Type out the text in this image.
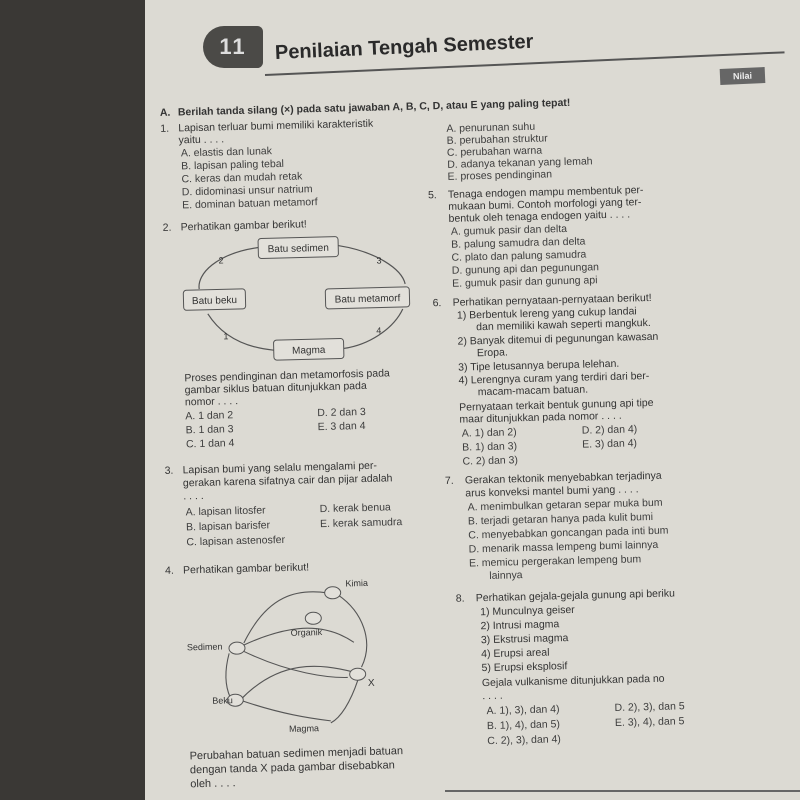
11	Penilaian Tengah Semester
Nilai
A. Berilah tanda silang (×) pada satu jawaban A, B, C, D, atau E yang paling tepat!
1. Lapisan terluar bumi memiliki karakteristik
yaitu . . . .
A. elastis dan lunak
B. lapisan paling tebal
C. keras dan mudah retak
D. didominasi unsur natrium
E. dominan batuan metamorf
2. Perhatikan gambar berikut!
Batu sedimen
Batu beku	Batu metamorf
Magma
2	3
1
4
Proses pendinginan dan metamorfosis pada
gambar siklus batuan ditunjukkan pada
nomor . . . .
A. 1 dan 2	D. 2 dan 3
B. 1 dan 3	E. 3 dan 4
C. 1 dan 4
3. Lapisan bumi yang selalu mengalami per-
gerakan karena sifatnya cair dan pijar adalah
. . . .
A. lapisan litosfer	D. kerak benua
B. lapisan barisfer	E. kerak samudra
C. lapisan astenosfer
4. Perhatikan gambar berikut!
Kimia
Organik
Sedimen
Beku
Magma
X
Perubahan batuan sedimen menjadi batuan
dengan tanda X pada gambar disebabkan
oleh . . . .
A. penurunan suhu
B. perubahan struktur
C. perubahan warna
D. adanya tekanan yang lemah
E. proses pendinginan
5. Tenaga endogen mampu membentuk per-
mukaan bumi. Contoh morfologi yang ter-
bentuk oleh tenaga endogen yaitu . . . .
A. gumuk pasir dan delta
B. palung samudra dan delta
C. plato dan palung samudra
D. gunung api dan pegunungan
E. gumuk pasir dan gunung api
6. Perhatikan pernyataan-pernyataan berikut!
1) Berbentuk lereng yang cukup landai
dan memiliki kawah seperti mangkuk.
2) Banyak ditemui di pegunungan kawasan
Eropa.
3) Tipe letusannya berupa lelehan.
4) Lerengnya curam yang terdiri dari ber-
macam-macam batuan.
Pernyataan terkait bentuk gunung api tipe
maar ditunjukkan pada nomor . . . .
A. 1) dan 2)	D. 2) dan 4)
B. 1) dan 3)	E. 3) dan 4)
C. 2) dan 3)
7. Gerakan tektonik menyebabkan terjadinya
arus konveksi mantel bumi yang . . . .
A. menimbulkan getaran separ muka bum
B. terjadi getaran hanya pada kulit bumi
C. menyebabkan goncangan pada inti bum
D. menarik massa lempeng bumi lainnya
E. memicu pergerakan lempeng bum
lainnya
8. Perhatikan gejala-gejala gunung api beriku
1) Munculnya geiser
2) Intrusi magma
3) Ekstrusi magma
4) Erupsi areal
5) Erupsi eksplosif
Gejala vulkanisme ditunjukkan pada no
. . . .
A. 1), 3), dan 4)	D. 2), 3), dan 5
B. 1), 4), dan 5)	E. 3), 4), dan 5
C. 2), 3), dan 4)
